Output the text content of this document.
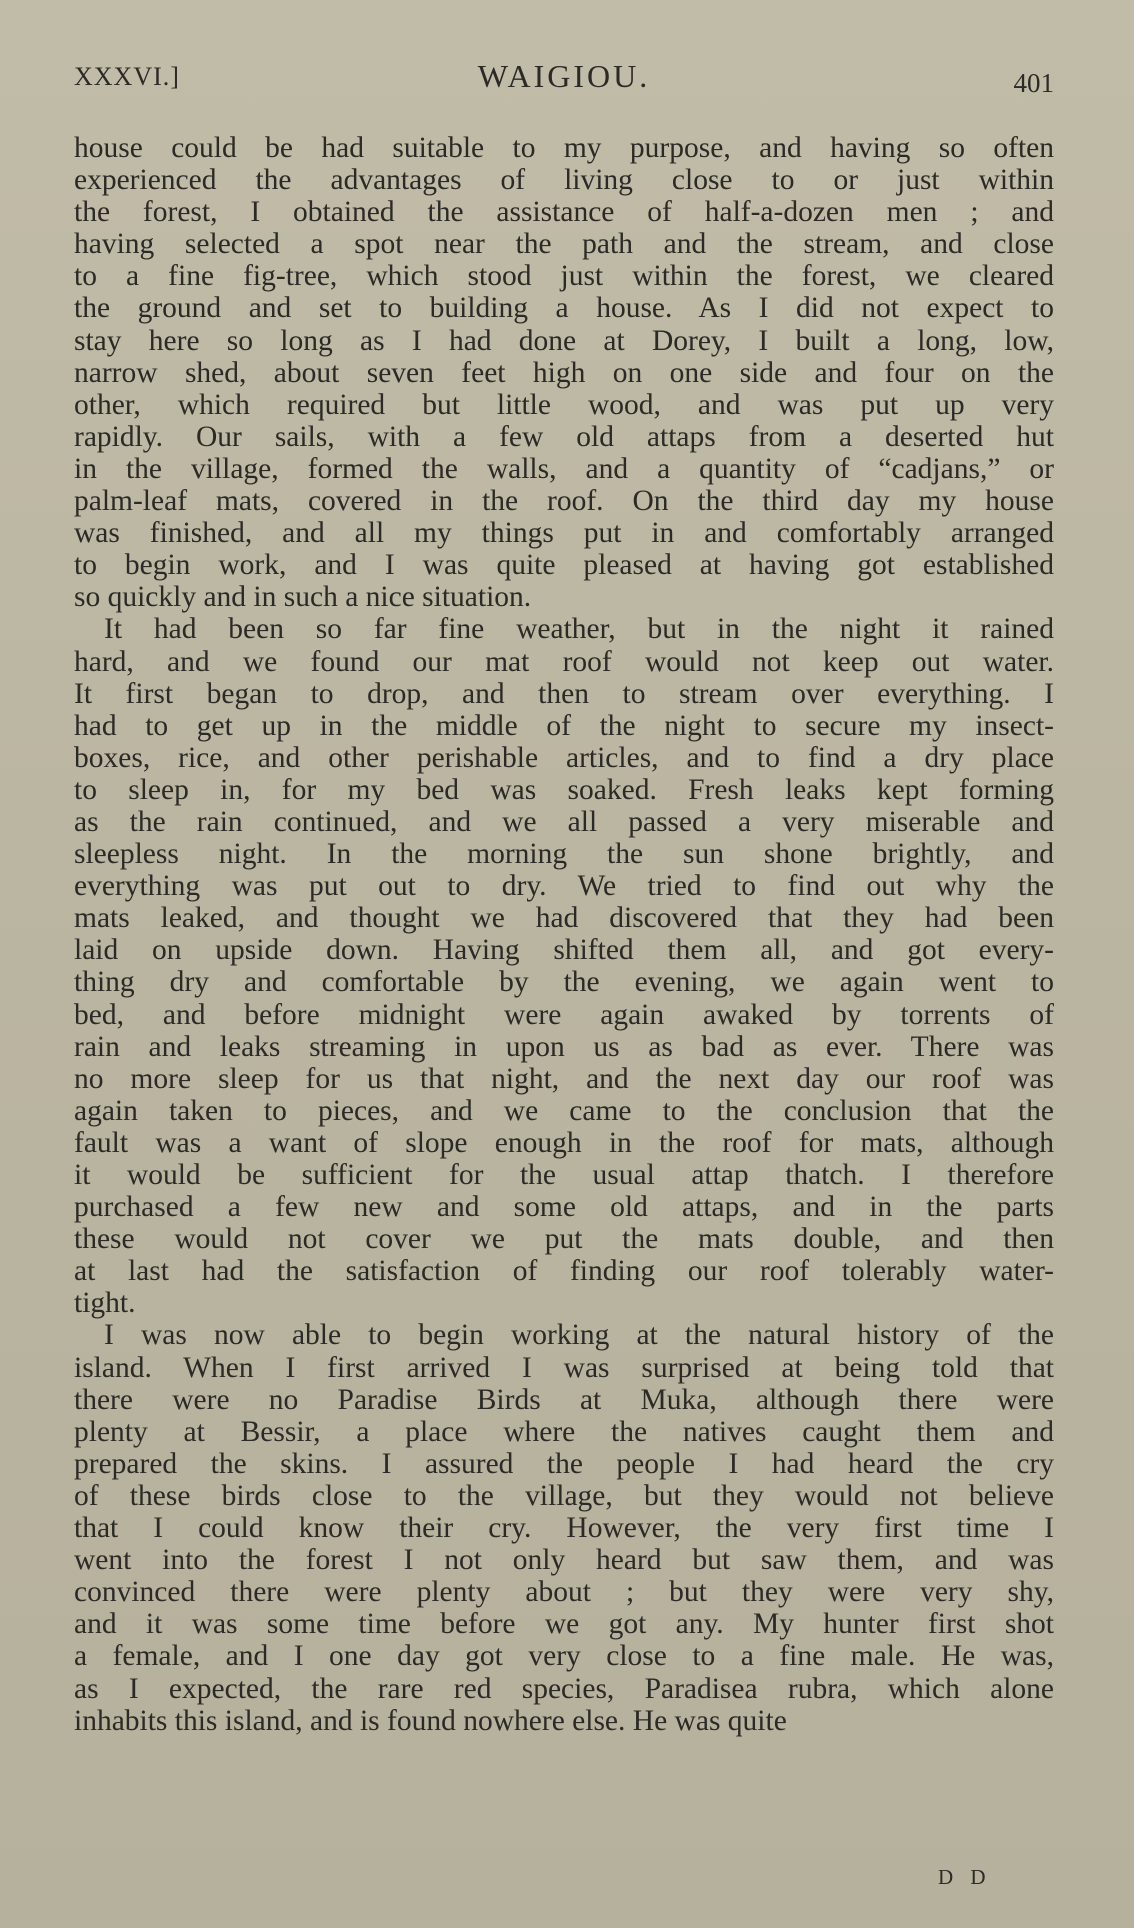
XXXVI.]	WAIGIOU.	401
house could be had suitable to my purpose, and having so often
experienced the advantages of living close to or just within
the forest, I obtained the assistance of half-a-dozen men ; and
having selected a spot near the path and the stream, and close
to a fine fig-tree, which stood just within the forest, we cleared
the ground and set to building a house. As I did not expect to
stay here so long as I had done at Dorey, I built a long, low,
narrow shed, about seven feet high on one side and four on the
other, which required but little wood, and was put up very
rapidly. Our sails, with a few old attaps from a deserted hut
in the village, formed the walls, and a quantity of “cadjans,” or
palm-leaf mats, covered in the roof. On the third day my house
was finished, and all my things put in and comfortably arranged
to begin work, and I was quite pleased at having got established
so quickly and in such a nice situation.
It had been so far fine weather, but in the night it rained
hard, and we found our mat roof would not keep out water.
It first began to drop, and then to stream over everything. I
had to get up in the middle of the night to secure my insect-
boxes, rice, and other perishable articles, and to find a dry place
to sleep in, for my bed was soaked. Fresh leaks kept forming
as the rain continued, and we all passed a very miserable and
sleepless night. In the morning the sun shone brightly, and
everything was put out to dry. We tried to find out why the
mats leaked, and thought we had discovered that they had been
laid on upside down. Having shifted them all, and got every-
thing dry and comfortable by the evening, we again went to
bed, and before midnight were again awaked by torrents of
rain and leaks streaming in upon us as bad as ever. There was
no more sleep for us that night, and the next day our roof was
again taken to pieces, and we came to the conclusion that the
fault was a want of slope enough in the roof for mats, although
it would be sufficient for the usual attap thatch. I therefore
purchased a few new and some old attaps, and in the parts
these would not cover we put the mats double, and then
at last had the satisfaction of finding our roof tolerably water-
tight.
I was now able to begin working at the natural history of the
island. When I first arrived I was surprised at being told that
there were no Paradise Birds at Muka, although there were
plenty at Bessir, a place where the natives caught them and
prepared the skins. I assured the people I had heard the cry
of these birds close to the village, but they would not believe
that I could know their cry. However, the very first time I
went into the forest I not only heard but saw them, and was
convinced there were plenty about ; but they were very shy,
and it was some time before we got any. My hunter first shot
a female, and I one day got very close to a fine male. He was,
as I expected, the rare red species, Paradisea rubra, which alone
inhabits this island, and is found nowhere else. He was quite
D D
